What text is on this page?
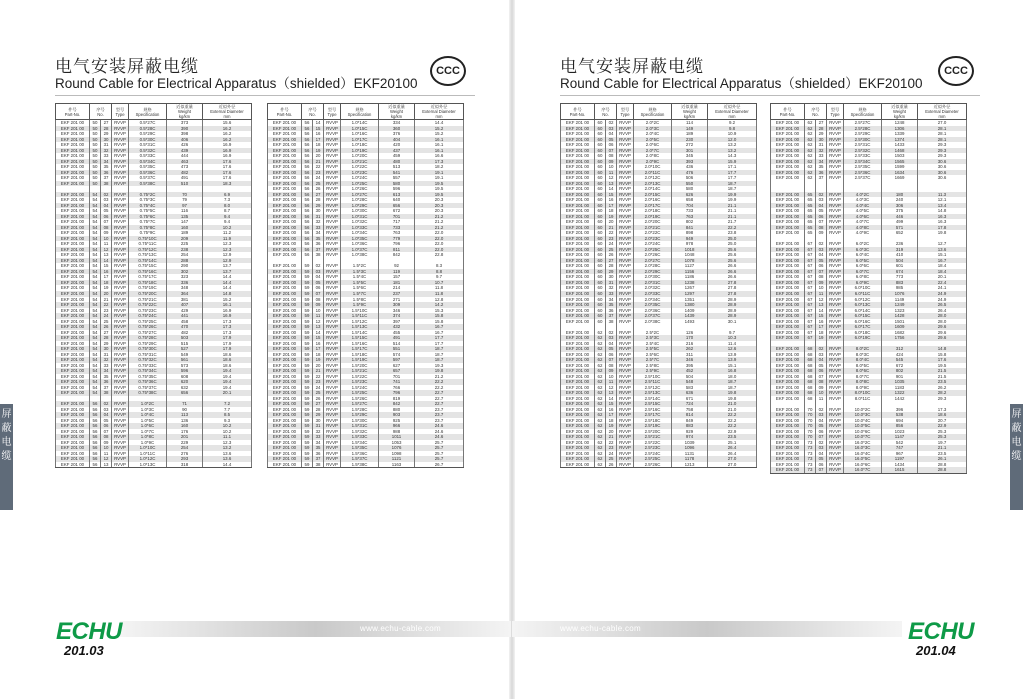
电气安装屏蔽电缆
Round Cable for Electrical Apparatus（shielded）EKF20100
CCC
件号
Part-No.	序号
No.		型号
Type	规格
Specification	近似重量
Weight
kg/km	近似外径
External Diameter
mm
EKF 201 00	50	27	RVVP	0.5*27C	373	15.6
EKF 201 00	50	28	RVVP	0.5*28C	390	16.2
EKF 201 00	50	29	RVVP	0.5*29C	398	16.2
EKF 201 00	50	30	RVVP	0.5*30C	406	16.2
EKF 201 00	50	31	RVVP	0.5*31C	426	16.9
EKF 201 00	50	32	RVVP	0.5*32C	439	16.9
EKF 201 00	50	33	RVVP	0.5*33C	444	16.9
EKF 201 00	50	34	RVVP	0.5*34C	463	17.6
EKF 201 00	50	35	RVVP	0.5*35C	473	17.6
EKF 201 00	50	36	RVVP	0.5*36C	482	17.6
EKF 201 00	50	37	RVVP	0.5*37C	491	17.6
EKF 201 00	50	38	RVVP	0.5*38C	510	18.3

EKF 201 00	54	02	RVVP	0.75*2C	70	6.9
EKF 201 00	54	03	RVVP	0.75*3C	79	7.3
EKF 201 00	54	04	RVVP	0.75*4C	97	8.0
EKF 201 00	54	05	RVVP	0.75*5C	116	8.7
EKF 201 00	54	06	RVVP	0.75*6C	135	9.4
EKF 201 00	54	07	RVVP	0.75*7C	147	9.4
EKF 201 00	54	08	RVVP	0.75*8C	160	10.2
EKF 201 00	54	09	RVVP	0.75*9C	189	11.2
EKF 201 00	54	10	RVVP	0.75*10C	209	11.9
EKF 201 00	54	11	RVVP	0.75*11C	225	12.3
EKF 201 00	54	12	RVVP	0.75*12C	238	12.3
EKF 201 00	54	13	RVVP	0.75*13C	254	12.9
EKF 201 00	54	14	RVVP	0.75*14C	288	12.9
EKF 201 00	54	15	RVVP	0.75*15C	290	13.7
EKF 201 00	54	16	RVVP	0.75*16C	302	13.7
EKF 201 00	54	17	RVVP	0.75*17C	323	14.4
EKF 201 00	54	18	RVVP	0.75*18C	336	14.4
EKF 201 00	54	19	RVVP	0.75*19C	348	14.4
EKF 201 00	54	20	RVVP	0.75*20C	364	14.8
EKF 201 00	54	21	RVVP	0.75*21C	381	15.2
EKF 201 00	54	22	RVVP	0.75*22C	407	16.1
EKF 201 00	54	23	RVVP	0.75*23C	429	16.9
EKF 201 00	54	24	RVVP	0.75*24C	441	16.9
EKF 201 00	54	25	RVVP	0.75*25C	458	17.3
EKF 201 00	54	26	RVVP	0.75*26C	470	17.3
EKF 201 00	54	27	RVVP	0.75*27C	482	17.3
EKF 201 00	54	28	RVVP	0.75*28C	503	17.9
EKF 201 00	54	29	RVVP	0.75*29C	515	17.9
EKF 201 00	54	30	RVVP	0.75*30C	527	17.9
EKF 201 00	54	31	RVVP	0.75*31C	549	18.6
EKF 201 00	54	32	RVVP	0.75*32C	561	18.6
EKF 201 00	54	33	RVVP	0.75*33C	573	18.6
EKF 201 00	54	34	RVVP	0.75*34C	596	19.4
EKF 201 00	54	35	RVVP	0.75*35C	608	19.4
EKF 201 00	54	36	RVVP	0.75*36C	620	19.4
EKF 201 00	54	37	RVVP	0.75*37C	632	19.4
EKF 201 00	54	38	RVVP	0.75*38C	656	20.1

EKF 201 00	56	02	RVVP	1.0*2C	71	7.2
EKF 201 00	56	03	RVVP	1.0*3C	90	7.7
EKF 201 00	56	04	RVVP	1.0*4C	113	8.5
EKF 201 00	56	05	RVVP	1.0*5C	136	9.3
EKF 201 00	56	06	RVVP	1.0*6C	160	10.2
EKF 201 00	56	07	RVVP	1.0*7C	176	10.2
EKF 201 00	56	08	RVVP	1.0*8C	201	11.1
EKF 201 00	56	09	RVVP	1.0*9C	229	12.3
EKF 201 00	56	10	RVVP	1.0*10C	254	13.2
EKF 201 00	56	11	RVVP	1.0*11C	276	13.6
EKF 201 00	56	12	RVVP	1.0*12C	293	13.6
EKF 201 00	56	13	RVVP	1.0*13C	318	14.4
件号
Part-No.	序号
No.		型号
Type	规格
Specification	近似重量
Weight
kg/km	近似外径
External Diameter
mm
EKF 201 00	56	14	RVVP	1.0*14C	334	14.4
EKF 201 00	56	15	RVVP	1.0*15C	360	15.2
EKF 201 00	56	16	RVVP	1.0*16C	376	15.2
EKF 201 00	56	17	RVVP	1.0*17C	404	16.1
EKF 201 00	56	18	RVVP	1.0*18C	420	16.1
EKF 201 00	56	19	RVVP	1.0*19C	437	16.1
EKF 201 00	56	20	RVVP	1.0*20C	459	16.6
EKF 201 00	56	21	RVVP	1.0*21C	480	17.3
EKF 201 00	56	22	RVVP	1.0*22C	513	18.2
EKF 201 00	56	23	RVVP	1.0*23C	541	19.1
EKF 201 00	56	24	RVVP	1.0*24C	557	19.1
EKF 201 00	56	25	RVVP	1.0*25C	580	19.5
EKF 201 00	56	26	RVVP	1.0*26C	596	19.5
EKF 201 00	56	27	RVVP	1.0*27C	613	19.5
EKF 201 00	56	28	RVVP	1.0*28C	640	20.3
EKF 201 00	56	29	RVVP	1.0*29C	656	20.3
EKF 201 00	56	30	RVVP	1.0*30C	672	20.3
EKF 201 00	56	31	RVVP	1.0*31C	701	21.2
EKF 201 00	56	32	RVVP	1.0*32C	717	21.2
EKF 201 00	56	33	RVVP	1.0*33C	733	21.2
EKF 201 00	56	34	RVVP	1.0*34C	763	22.0
EKF 201 00	56	35	RVVP	1.0*35C	779	22.0
EKF 201 00	56	36	RVVP	1.0*36C	796	22.0
EKF 201 00	56	37	RVVP	1.0*37C	811	22.0
EKF 201 00	56	38	RVVP	1.0*38C	842	22.8

EKF 201 00	59	02	RVVP	1.5*2C	92	8.3
EKF 201 00	59	03	RVVP	1.5*3C	119	8.8
EKF 201 00	59	04	RVVP	1.5*4C	157	9.7
EKF 201 00	59	05	RVVP	1.5*5C	181	10.7
EKF 201 00	59	06	RVVP	1.5*6C	214	11.8
EKF 201 00	59	07	RVVP	1.5*7C	237	11.8
EKF 201 00	59	08	RVVP	1.5*8C	271	12.8
EKF 201 00	59	09	RVVP	1.5*9C	309	14.2
EKF 201 00	59	10	RVVP	1.5*10C	346	15.3
EKF 201 00	59	11	RVVP	1.5*11C	374	15.8
EKF 201 00	59	12	RVVP	1.5*12C	397	15.8
EKF 201 00	59	13	RVVP	1.5*13C	432	16.7
EKF 201 00	59	14	RVVP	1.5*14C	455	16.7
EKF 201 00	59	15	RVVP	1.5*15C	491	17.7
EKF 201 00	59	16	RVVP	1.5*16C	514	17.7
EKF 201 00	59	17	RVVP	1.5*17C	551	18.7
EKF 201 00	59	18	RVVP	1.5*18C	574	18.7
EKF 201 00	59	19	RVVP	1.5*19C	597	18.7
EKF 201 00	59	20	RVVP	1.5*20C	627	19.3
EKF 201 00	59	21	RVVP	1.5*21C	657	19.8
EKF 201 00	59	22	RVVP	1.5*22C	701	21.2
EKF 201 00	59	23	RVVP	1.5*23C	741	22.2
EKF 201 00	59	24	RVVP	1.5*24C	766	22.2
EKF 201 00	59	25	RVVP	1.5*25C	796	22.7
EKF 201 00	59	26	RVVP	1.5*26C	819	22.7
EKF 201 00	59	27	RVVP	1.5*27C	842	22.7
EKF 201 00	59	28	RVVP	1.5*28C	880	23.7
EKF 201 00	59	29	RVVP	1.5*29C	903	23.7
EKF 201 00	59	30	RVVP	1.5*30C	925	23.7
EKF 201 00	59	31	RVVP	1.5*31C	966	24.6
EKF 201 00	59	32	RVVP	1.5*32C	988	24.6
EKF 201 00	59	33	RVVP	1.5*33C	1011	24.6
EKF 201 00	59	34	RVVP	1.5*34C	1053	25.7
EKF 201 00	59	35	RVVP	1.5*35C	1076	25.7
EKF 201 00	59	36	RVVP	1.5*36C	1098	25.7
EKF 201 00	59	37	RVVP	1.5*37C	1121	25.7
EKF 201 00	59	38	RVVP	1.5*38C	1163	26.7
屏蔽电缆
www.echu-cable.com
ECHU
201.03
电气安装屏蔽电缆
Round Cable for Electrical Apparatus（shielded）EKF20100
CCC
件号
Part-No.	序号
No.		型号
Type	规格
Specification	近似重量
Weight
kg/km	近似外径
External Diameter
mm
EKF 201 00	60	02	RVVP	2.0*2C	114	9.2
EKF 201 00	60	03	RVVP	2.0*3C	149	9.8
EKF 201 00	60	04	RVVP	2.0*4C	189	10.9
EKF 201 00	60	05	RVVP	2.0*5C	230	12.0
EKF 201 00	60	06	RVVP	2.0*6C	272	13.2
EKF 201 00	60	07	RVVP	2.0*7C	301	13.2
EKF 201 00	60	08	RVVP	2.0*8C	345	14.3
EKF 201 00	60	09	RVVP	2.0*9C	393	15.9
EKF 201 00	60	10	RVVP	2.0*10C	436	17.1
EKF 201 00	60	11	RVVP	2.0*11C	476	17.7
EKF 201 00	60	12	RVVP	2.0*12C	506	17.7
EKF 201 00	60	13	RVVP	2.0*13C	550	18.7
EKF 201 00	60	14	RVVP	2.0*14C	580	18.7
EKF 201 00	60	15	RVVP	2.0*15C	626	19.9
EKF 201 00	60	16	RVVP	2.0*16C	658	19.9
EKF 201 00	60	17	RVVP	2.0*17C	704	21.1
EKF 201 00	60	18	RVVP	2.0*18C	733	21.1
EKF 201 00	60	19	RVVP	2.0*19C	763	21.1
EKF 201 00	60	20	RVVP	2.0*20C	802	21.7
EKF 201 00	60	21	RVVP	2.0*21C	841	22.2
EKF 201 00	60	22	RVVP	2.0*22C	898	23.8
EKF 201 00	60	23	RVVP	2.0*23C	949	25.0
EKF 201 00	60	24	RVVP	2.0*24C	978	25.0
EKF 201 00	60	25	RVVP	2.0*25C	1018	25.6
EKF 201 00	60	26	RVVP	2.0*26C	1048	25.6
EKF 201 00	60	27	RVVP	2.0*27C	1078	25.6
EKF 201 00	60	28	RVVP	2.0*28C	1127	26.6
EKF 201 00	60	29	RVVP	2.0*29C	1156	26.6
EKF 201 00	60	30	RVVP	2.0*30C	1186	26.6
EKF 201 00	60	31	RVVP	2.0*31C	1238	27.8
EKF 201 00	60	32	RVVP	2.0*32C	1267	27.8
EKF 201 00	60	33	RVVP	2.0*33C	1297	27.8
EKF 201 00	60	34	RVVP	2.0*34C	1351	28.9
EKF 201 00	60	35	RVVP	2.0*35C	1380	28.9
EKF 201 00	60	36	RVVP	2.0*36C	1409	28.9
EKF 201 00	60	37	RVVP	2.0*37C	1439	28.9
EKF 201 00	60	38	RVVP	2.0*38C	1493	30.1

EKF 201 00	62	02	RVVP	2.5*2C	126	9.7
EKF 201 00	62	03	RVVP	2.5*3C	170	10.3
EKF 201 00	62	04	RVVP	2.5*4C	216	11.4
EKF 201 00	62	05	RVVP	2.5*5C	262	12.6
EKF 201 00	62	06	RVVP	2.5*6C	311	13.9
EKF 201 00	62	07	RVVP	2.5*7C	346	13.9
EKF 201 00	62	08	RVVP	2.5*8C	395	15.1
EKF 201 00	62	09	RVVP	2.5*9C	452	16.8
EKF 201 00	62	10	RVVP	2.5*10C	504	18.0
EKF 201 00	62	11	RVVP	2.5*11C	548	18.7
EKF 201 00	62	12	RVVP	2.5*12C	583	18.7
EKF 201 00	62	13	RVVP	2.5*13C	636	19.8
EKF 201 00	62	14	RVVP	2.5*14C	671	19.8
EKF 201 00	62	15	RVVP	2.5*15C	724	21.0
EKF 201 00	62	16	RVVP	2.5*16C	758	21.0
EKF 201 00	62	17	RVVP	2.5*17C	814	22.2
EKF 201 00	62	18	RVVP	2.5*18C	849	22.2
EKF 201 00	62	19	RVVP	2.5*19C	883	22.2
EKF 201 00	62	20	RVVP	2.5*20C	929	22.9
EKF 201 00	62	21	RVVP	2.5*21C	974	23.5
EKF 201 00	62	22	RVVP	2.5*22C	1039	25.1
EKF 201 00	62	23	RVVP	2.5*23C	1096	26.4
EKF 201 00	62	24	RVVP	2.5*24C	1131	26.4
EKF 201 00	62	25	RVVP	2.5*25C	1178	27.0
EKF 201 00	62	26	RVVP	2.5*26C	1213	27.0
件号
Part-No.	序号
No.		型号
Type	规格
Specification	近似重量
Weight
kg/km	近似外径
External Diameter
mm
EKF 201 00	62	27	RVVP	2.5*27C	1248	27.0
EKF 201 00	62	28	RVVP	2.5*28C	1306	28.1
EKF 201 00	62	29	RVVP	2.5*29C	1339	28.1
EKF 201 00	62	30	RVVP	2.5*30C	1374	28.1
EKF 201 00	62	31	RVVP	2.5*31C	1433	29.3
EKF 201 00	62	32	RVVP	2.5*32C	1468	29.3
EKF 201 00	62	33	RVVP	2.5*33C	1503	29.3
EKF 201 00	62	34	RVVP	2.5*34C	1565	30.6
EKF 201 00	62	35	RVVP	2.5*35C	1599	30.6
EKF 201 00	62	36	RVVP	2.5*36C	1634	30.6
EKF 201 00	62	37	RVVP	2.5*37C	1669	30.6

EKF 201 00	65	02	RVVP	4.0*2C	180	11.3
EKF 201 00	65	03	RVVP	4.0*3C	240	12.1
EKF 201 00	65	04	RVVP	4.0*4C	306	13.4
EKF 201 00	65	05	RVVP	4.0*5C	375	14.8
EKF 201 00	65	06	RVVP	4.0*6C	446	16.3
EKF 201 00	65	07	RVVP	4.0*7C	499	16.3
EKF 201 00	65	08	RVVP	4.0*8C	571	17.8
EKF 201 00	65	09	RVVP	4.0*9C	652	19.8

EKF 201 00	67	02	RVVP	6.0*2C	236	12.7
EKF 201 00	67	03	RVVP	6.0*3C	319	13.6
EKF 201 00	67	04	RVVP	6.0*4C	410	15.1
EKF 201 00	67	05	RVVP	6.0*5C	504	16.7
EKF 201 00	67	06	RVVP	6.0*6C	601	18.4
EKF 201 00	67	07	RVVP	6.0*7C	674	18.4
EKF 201 00	67	08	RVVP	6.0*8C	773	20.1
EKF 201 00	67	09	RVVP	6.0*9C	883	22.4
EKF 201 00	67	10	RVVP	6.0*10C	985	24.1
EKF 201 00	67	11	RVVP	6.0*11C	1076	24.9
EKF 201 00	67	12	RVVP	6.0*12C	1149	24.9
EKF 201 00	67	13	RVVP	6.0*13C	1249	26.5
EKF 201 00	67	14	RVVP	6.0*14C	1323	26.4
EKF 201 00	67	15	RVVP	6.0*15C	1428	28.0
EKF 201 00	67	16	RVVP	6.0*16C	1501	28.0
EKF 201 00	67	17	RVVP	6.0*17C	1609	29.6
EKF 201 00	67	18	RVVP	6.0*18C	1682	29.6
EKF 201 00	67	19	RVVP	6.0*19C	1756	29.6

EKF 201 00	68	02	RVVP	8.0*2C	312	14.8
EKF 201 00	68	03	RVVP	8.0*3C	424	15.8
EKF 201 00	68	04	RVVP	8.0*4C	545	17.6
EKF 201 00	68	05	RVVP	8.0*5C	672	19.5
EKF 201 00	68	06	RVVP	8.0*6C	802	21.5
EKF 201 00	68	07	RVVP	8.0*7C	901	21.5
EKF 201 00	68	08	RVVP	8.0*8C	1035	23.5
EKF 201 00	68	09	RVVP	8.0*9C	1183	26.2
EKF 201 00	68	10	RVVP	8.0*10C	1322	28.2
EKF 201 00	68	11	RVVP	8.0*11C	1442	29.3

EKF 201 00	70	02	RVVP	10.0*2C	396	17.3
EKF 201 00	70	03	RVVP	10.0*3C	538	18.6
EKF 201 00	70	04	RVVP	10.0*4C	694	20.7
EKF 201 00	70	05	RVVP	10.0*5C	856	22.9
EKF 201 00	70	06	RVVP	10.0*6C	1023	25.3
EKF 201 00	70	07	RVVP	10.0*7C	1147	25.3
EKF 201 00	73	02	RVVP	16.0*2C	542	19.7
EKF 201 00	73	03	RVVP	16.0*3C	747	21.1
EKF 201 00	73	04	RVVP	16.0*4C	967	23.5
EKF 201 00	73	05	RVVP	16.0*5C	1197	26.1
EKF 201 00	73	06	RVVP	16.0*6C	1434	28.8
EKF 201 00	73	07	RVVP	16.0*7C	1615	28.8
屏蔽电缆
www.echu-cable.com	ECHU
201.04
